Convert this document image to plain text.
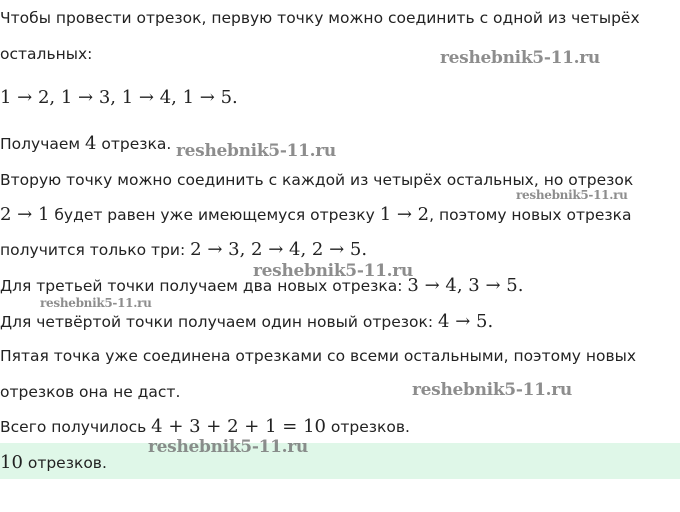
Чтобы провести отрезок, первую точку можно соединить с одной из четырёх
остальных:
1 → 2, 1 → 3, 1 → 4, 1 → 5.
Получаем 4 отрезка.
Вторую точку можно соединить с каждой из четырёх остальных, но отрезок
2 → 1 будет равен уже имеющемуся отрезку 1 → 2, поэтому новых отрезка
получится только три: 2 → 3, 2 → 4, 2 → 5.
Для третьей точки получаем два новых отрезка: 3 → 4, 3 → 5.
Для четвёртой точки получаем один новый отрезок: 4 → 5.
Пятая точка уже соединена отрезками со всеми остальными, поэтому новых
отрезков она не даст.
Всего получилось 4 + 3 + 2 + 1 = 10 отрезков.
10 отрезков.
reshebnik5-11.ru
reshebnik5-11.ru
reshebnik5-11.ru
reshebnik5-11.ru
reshebnik5-11.ru
reshebnik5-11.ru
reshebnik5-11.ru
